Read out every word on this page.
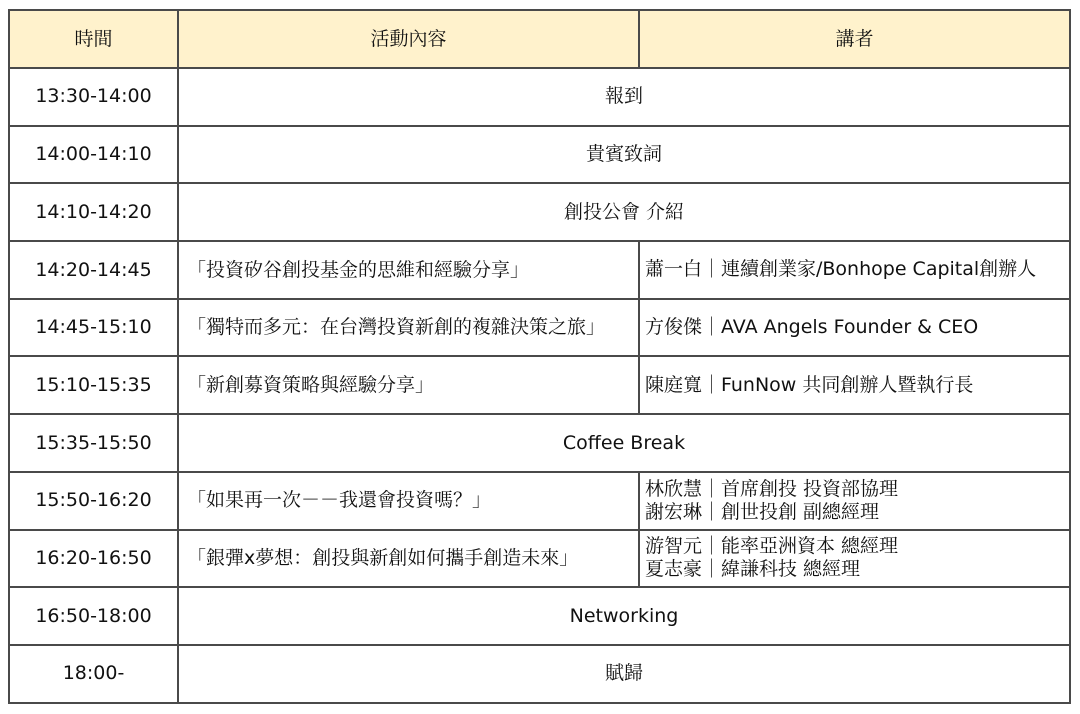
時間	活動內容	講者
13:30-14:00	報到	
14:00-14:10	貴賓致詞	
14:10-14:20	創投公會 介紹	
14:20-14:45	「投資矽谷創投基金的思維和經驗分享」	蕭一白｜連續創業家/Bonhope Capital創辦人

14:45-15:10	「獨特而多元：在台灣投資新創的複雜決策之旅」	方俊傑｜AVA Angels Founder & CEO

15:10-15:35	「新創募資策略與經驗分享」	陳庭寬｜FunNow 共同創辦人暨執行長

15:35-15:50	Coffee Break	
15:50-16:20	「如果再一次－－我還會投資嗎？」	林欣慧｜首席創投 投資部協理
謝宏琳｜創世投創 副總經理

16:20-16:50	「銀彈x夢想：創投與新創如何攜手創造未來」	游智元｜能率亞洲資本 總經理
夏志豪｜緯謙科技 總經理

16:50-18:00	Networking	
18:00-	賦歸	
